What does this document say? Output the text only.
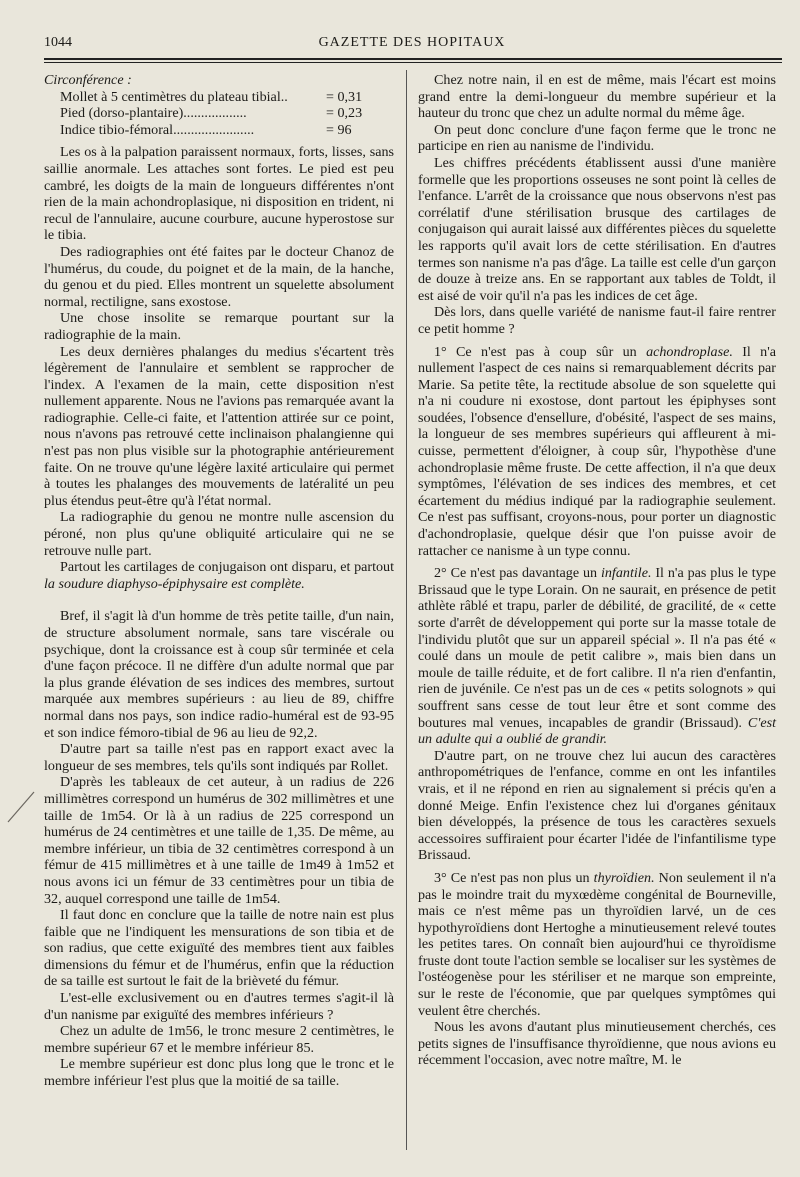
1044	GAZETTE DES HOPITAUX

Circonférence :

Mollet à 5 centimètres du plateau tibial..	= 0,31
Pied (dorso-plantaire)..................	= 0,23
Indice tibio-fémoral.......................	= 96

Les os à la palpation paraissent normaux, forts, lisses, sans saillie anormale. Les attaches sont fortes. Le pied est peu cambré, les doigts de la main de longueurs différentes n'ont rien de la main achondroplasique, ni disposition en trident, ni recul de l'annulaire, aucune courbure, aucune hyperostose sur le tibia.

Des radiographies ont été faites par le docteur Chanoz de l'humérus, du coude, du poignet et de la main, de la hanche, du genou et du pied. Elles montrent un squelette absolument normal, rectiligne, sans exostose.

Une chose insolite se remarque pourtant sur la radiographie de la main.

Les deux dernières phalanges du medius s'écartent très légèrement de l'annulaire et semblent se rapprocher de l'index. A l'examen de la main, cette disposition n'est nullement apparente. Nous ne l'avions pas remarquée avant la radiographie. Celle-ci faite, et l'attention attirée sur ce point, nous n'avons pas retrouvé cette inclinaison phalangienne qui n'est pas non plus visible sur la photographie antérieurement faite. On ne trouve qu'une légère laxité articulaire qui permet à toutes les phalanges des mouvements de latéralité un peu plus étendus peut-être qu'à l'état normal.

La radiographie du genou ne montre nulle ascension du péroné, non plus qu'une obliquité articulaire qui ne se retrouve nulle part.

Partout les cartilages de conjugaison ont disparu, et partout la soudure diaphyso-épiphysaire est complète.

Bref, il s'agit là d'un homme de très petite taille, d'un nain, de structure absolument normale, sans tare viscérale ou psychique, dont la croissance est à coup sûr terminée et cela d'une façon précoce. Il ne diffère d'un adulte normal que par la plus grande élévation de ses indices des membres, surtout marquée aux membres supérieurs : au lieu de 89, chiffre normal dans nos pays, son indice radio-huméral est de 93-95 et son indice fémoro-tibial de 96 au lieu de 92,2.

D'autre part sa taille n'est pas en rapport exact avec la longueur de ses membres, tels qu'ils sont indiqués par Rollet.

D'après les tableaux de cet auteur, à un radius de 226 millimètres correspond un humérus de 302 millimètres et une taille de 1m54. Or là à un radius de 225 correspond un humérus de 24 centimètres et une taille de 1,35. De même, au membre inférieur, un tibia de 32 centimètres correspond à un fémur de 415 millimètres et à une taille de 1m49 à 1m52 et nous avons ici un fémur de 33 centimètres pour un tibia de 32, auquel correspond une taille de 1m54.

Il faut donc en conclure que la taille de notre nain est plus faible que ne l'indiquent les mensurations de son tibia et de son radius, que cette exiguïté des membres tient aux faibles dimensions du fémur et de l'humérus, enfin que la réduction de sa taille est surtout le fait de la brièveté du fémur.

L'est-elle exclusivement ou en d'autres termes s'agit-il là d'un nanisme par exiguïté des membres inférieurs ?

Chez un adulte de 1m56, le tronc mesure 2 centimètres, le membre supérieur 67 et le membre inférieur 85.

Le membre supérieur est donc plus long que le tronc et le membre inférieur l'est plus que la moitié de sa taille.

Chez notre nain, il en est de même, mais l'écart est moins grand entre la demi-longueur du membre supérieur et la hauteur du tronc que chez un adulte normal du même âge.

On peut donc conclure d'une façon ferme que le tronc ne participe en rien au nanisme de l'individu.

Les chiffres précédents établissent aussi d'une manière formelle que les proportions osseuses ne sont point là celles de l'enfance. L'arrêt de la croissance que nous observons n'est pas corrélatif d'une stérilisation brusque des cartilages de conjugaison qui aurait laissé aux différentes pièces du squelette les rapports qu'il avait lors de cette stérilisation. En d'autres termes son nanisme n'a pas d'âge. La taille est celle d'un garçon de douze à treize ans. En se rapportant aux tables de Toldt, il est aisé de voir qu'il n'a pas les indices de cet âge.

Dès lors, dans quelle variété de nanisme faut-il faire rentrer ce petit homme ?

1° Ce n'est pas à coup sûr un achondroplase. Il n'a nullement l'aspect de ces nains si remarquablement décrits par Marie. Sa petite tête, la rectitude absolue de son squelette qui n'a ni coudure ni exostose, dont partout les épiphyses sont soudées, l'obsence d'ensellure, d'obésité, l'aspect de ses mains, la longueur de ses membres supérieurs qui affleurent à mi-cuisse, permettent d'éloigner, à coup sûr, l'hypothèse d'une achondroplasie même fruste. De cette affection, il n'a que deux symptômes, l'élévation de ses indices des membres, et cet écartement du médius indiqué par la radiographie seulement. Ce n'est pas suffisant, croyons-nous, pour porter un diagnostic d'achondroplasie, quelque désir que l'on puisse avoir de rattacher ce nanisme à un type connu.

2° Ce n'est pas davantage un infantile. Il n'a pas plus le type Brissaud que le type Lorain. On ne saurait, en présence de petit athlète râblé et trapu, parler de débilité, de gracilité, de « cette sorte d'arrêt de développement qui porte sur la masse totale de l'individu plutôt que sur un appareil spécial ». Il n'a pas été « coulé dans un moule de petit calibre », mais bien dans un moule de taille réduite, et de fort calibre. Il n'a rien d'enfantin, rien de juvénile. Ce n'est pas un de ces « petits solognots » qui souffrent sans cesse de tout leur être et sont comme des boutures mal venues, incapables de grandir (Brissaud). C'est un adulte qui a oublié de grandir.

D'autre part, on ne trouve chez lui aucun des caractères anthropométriques de l'enfance, comme en ont les infantiles vrais, et il ne répond en rien au signalement si précis qu'en a donné Meige. Enfin l'existence chez lui d'organes génitaux bien développés, la présence de tous les caractères sexuels accessoires suffiraient pour écarter l'idée de l'infantilisme type Brissaud.

3° Ce n'est pas non plus un thyroïdien. Non seulement il n'a pas le moindre trait du myxœdème congénital de Bourneville, mais ce n'est même pas un thyroïdien larvé, un de ces hypothyroïdiens dont Hertoghe a minutieusement relevé toutes les petites tares. On connaît bien aujourd'hui ce thyroïdisme fruste dont toute l'action semble se localiser sur les systèmes de l'ostéogenèse pour les stériliser et ne marque son empreinte, sur le reste de l'économie, que par quelques symptômes qui veulent être cherchés.

Nous les avons d'autant plus minutieusement cherchés, ces petits signes de l'insuffisance thyroïdienne, que nous avions eu récemment l'occasion, avec notre maître, M. le
